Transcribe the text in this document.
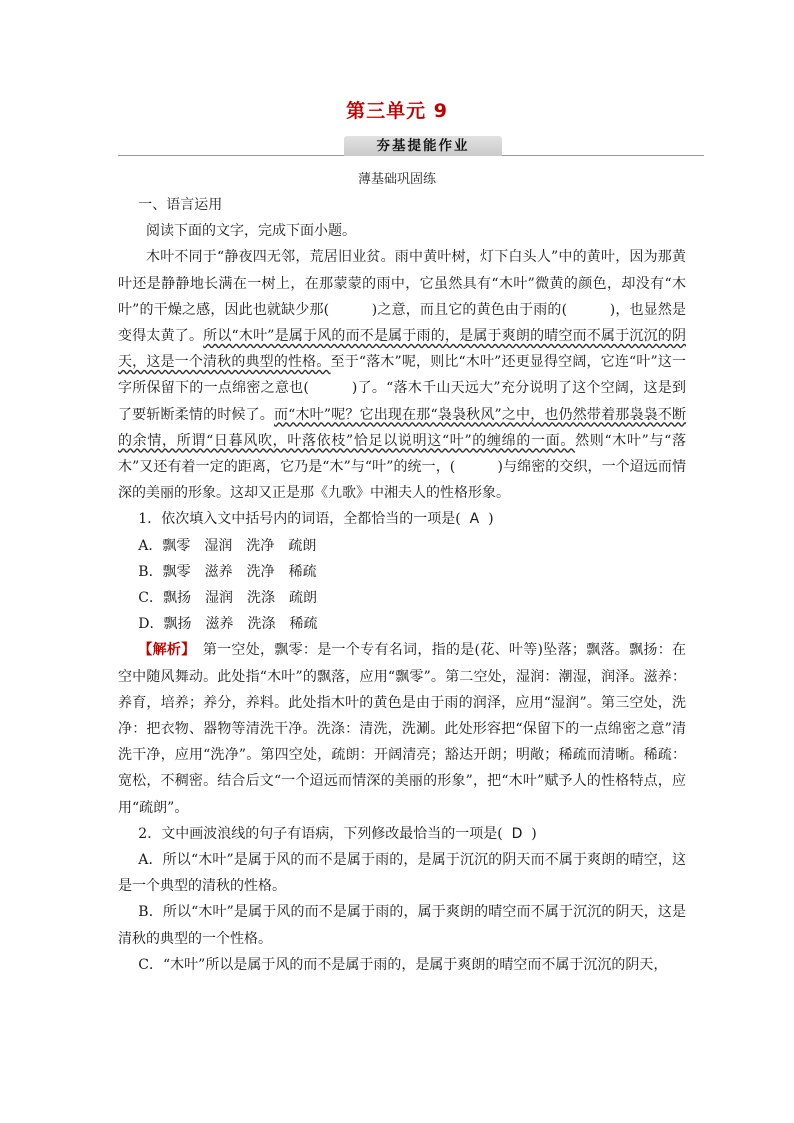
第三单元 9
夯基提能作业
薄基础巩固练

一、语言运用

阅读下面的文字，完成下面小题。

木叶不同于“静夜四无邻，荒居旧业贫。雨中黄叶树，灯下白头人”中的黄叶，因为那黄叶还是静静地长满在一树上，在那蒙蒙的雨中，它虽然具有“木叶”微黄的颜色，却没有“木叶”的干燥之感，因此也就缺少那(　　　)之意，而且它的黄色由于雨的(　　　)，也显然是变得太黄了。所以“木叶”是属于风的而不是属于雨的，是属于爽朗的晴空而不属于沉沉的阴天，这是一个清秋的典型的性格。至于“落木”呢，则比“木叶”还更显得空阔，它连“叶”这一字所保留下的一点绵密之意也(　　　)了。“落木千山天远大”充分说明了这个空阔，这是到了要斩断柔情的时候了。而“木叶”呢？它出现在那“袅袅秋风”之中，也仍然带着那袅袅不断的余情，所谓“日暮风吹，叶落依枝”恰足以说明这“叶”的缠绵的一面。然则“木叶”与“落木”又还有着一定的距离，它乃是“木”与“叶”的统一，(　　　)与绵密的交织，一个迢远而情深的美丽的形象。这却又正是那《九歌》中湘夫人的性格形象。

1．依次填入文中括号内的词语，全都恰当的一项是( A )

A．飘零　湿润　洗净　疏朗

B．飘零　滋养　洗净　稀疏

C．飘扬　湿润　洗涤　疏朗

D．飘扬　滋养　洗涤　稀疏

【解析】　第一空处，飘零：是一个专有名词，指的是(花、叶等)坠落；飘落。飘扬：在空中随风舞动。此处指“木叶”的飘落，应用“飘零”。第二空处，湿润：潮湿，润泽。滋养：养育，培养；养分，养料。此处指木叶的黄色是由于雨的润泽，应用“湿润”。第三空处，洗净：把衣物、器物等清洗干净。洗涤：清洗，洗涮。此处形容把“保留下的一点绵密之意”清洗干净，应用“洗净”。第四空处，疏朗：开阔清亮；豁达开朗；明敞；稀疏而清晰。稀疏：宽松，不稠密。结合后文“一个迢远而情深的美丽的形象”，把“木叶”赋予人的性格特点，应用“疏朗”。

2．文中画波浪线的句子有语病，下列修改最恰当的一项是( D )

A．所以“木叶”是属于风的而不是属于雨的，是属于沉沉的阴天而不属于爽朗的晴空，这是一个典型的清秋的性格。

B．所以“木叶”是属于风的而不是属于雨的，属于爽朗的晴空而不属于沉沉的阴天，这是清秋的典型的一个性格。

C．“木叶”所以是属于风的而不是属于雨的，是属于爽朗的晴空而不属于沉沉的阴天，
